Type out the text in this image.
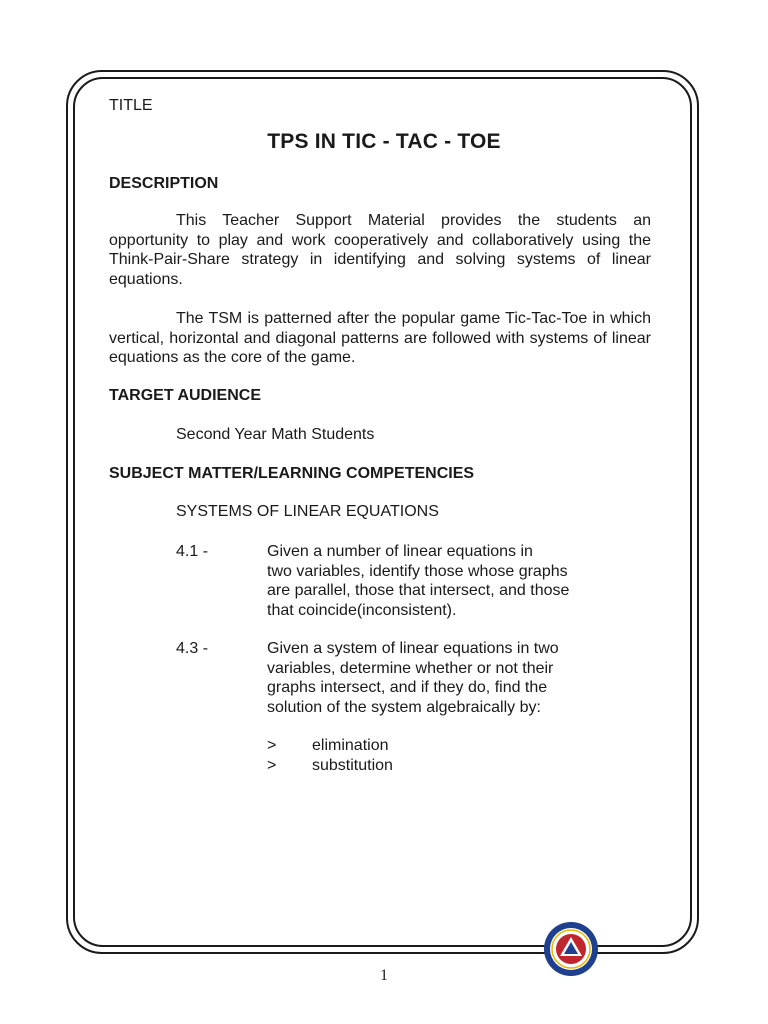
TITLE
TPS IN TIC - TAC - TOE
DESCRIPTION
This Teacher Support Material provides the students an opportunity to play and work cooperatively and collaboratively using the Think-Pair-Share strategy in identifying and solving systems of linear equations.
The TSM is patterned after the popular game Tic-Tac-Toe in which vertical, horizontal and diagonal patterns are followed with systems of linear equations as the core of the game.
TARGET AUDIENCE
Second Year Math Students
SUBJECT MATTER/LEARNING COMPETENCIES
SYSTEMS OF LINEAR EQUATIONS
4.1 -	Given a number of linear equations in
two variables, identify those whose graphs
are parallel, those that intersect, and those
that coincide(inconsistent).
4.3 -	Given a system of linear equations in two
variables, determine whether or not their
graphs intersect, and if they do, find the
solution of the system algebraically by:
> elimination
> substitution
1
